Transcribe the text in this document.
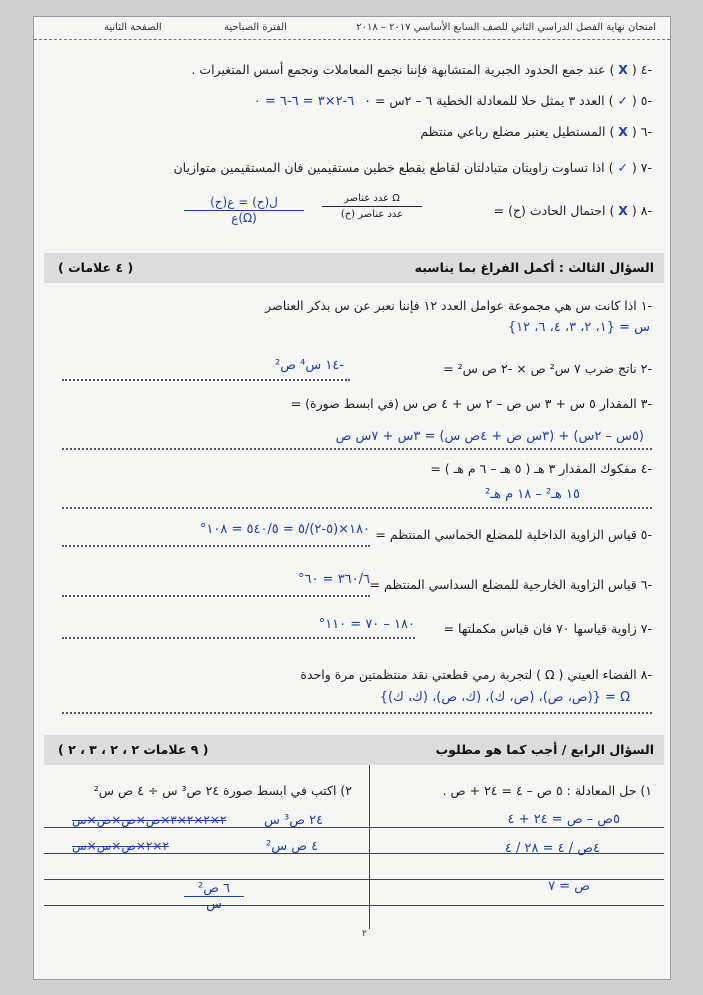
امتحان نهاية الفصل الدراسي الثاني للصف السابع الأساسي ٢٠١٧ – ٢٠١٨
الفترة الصباحية
الصفحة الثانية
-٤ ( X ) عند جمع الحدود الجبرية المتشابهة فإننا نجمع المعاملات ونجمع أسس المتغيرات .
-٥ ( ✓ ) العدد ٣ يمثل حلا للمعادلة الخطية ٦ – ٢س = ٠ ٦-٢×٣ = ٦-٦ = ٠
-٦ ( X ) المستطيل يعتبر مضلع رباعي منتظم
-٧ ( ✓ ) اذا تساوت زاويتان متبادلتان لقاطع يقطع خطين مستقيمين فان المستقيمين متوازيان
-٨ ( X ) احتمال الحادث (ح) =
عدد عناصر Ω
عدد عناصر (ح)
ل(ح) = ع(ح)
ع(Ω)
السؤال الثالث : أكمل الفراغ بما يناسبه
( ٤ علامات )
-١ اذا كانت س هي مجموعة عوامل العدد ١٢ فإننا نعبر عن س بذكر العناصر
س = {١، ٢، ٣، ٤، ٦، ١٢}
-٢ ناتج ضرب ٧ س² ص × -٢ ص س² =
-١٤ س⁴ ص²
-٣ المقدار ٥ س + ٣ س ص – ٢ س + ٤ ص س (في ابسط صورة) =
(٥س – ٢س) + (٣س ص + ٤ص س) = ٣س + ٧س ص
-٤ مفكوك المقدار ٣ هـ ( ٥ هـ – ٦ م هـ ) =
١٥ هـ² – ١٨ م هـ²
-٥ قياس الزاوية الداخلية للمضلع الخماسي المنتظم =
١٨٠×(٥-٢)/٥ = ٥٤٠/٥ = ١٠٨°
-٦ قياس الزاوية الخارجية للمضلع السداسي المنتظم =
٣٦٠/٦ = ٦٠°
-٧ زاوية قياسها ٧٠ فان قياس مكملتها =
١٨٠ – ٧٠ = ١١٠°
-٨ الفضاء العيني ( Ω ) لتجربة رمي قطعتي نقد منتظمتين مرة واحدة
Ω = {(ص، ص)، (ص، ك)، (ك، ص)، (ك، ك)}
السؤال الرابع / أجب كما هو مطلوب
( ٩ علامات ٢ ، ٢ ، ٣ ، ٢ )
١) حل المعادلة : ٥ ص – ٤ = ٢٤ + ص .
٥ص – ص = ٢٤ + ٤
٤ص / ٤ = ٢٨ / ٤
ص = ٧
٢) اكتب في ابسط صورة ٢٤ ص³ س ÷ ٤ ص س²
٢٤ ص³ س
٤ ص س²
٢×٢×٢×٣×ص×ص×ص×س
٢×٢×ص×س×س
٦ ص²
س
٢
